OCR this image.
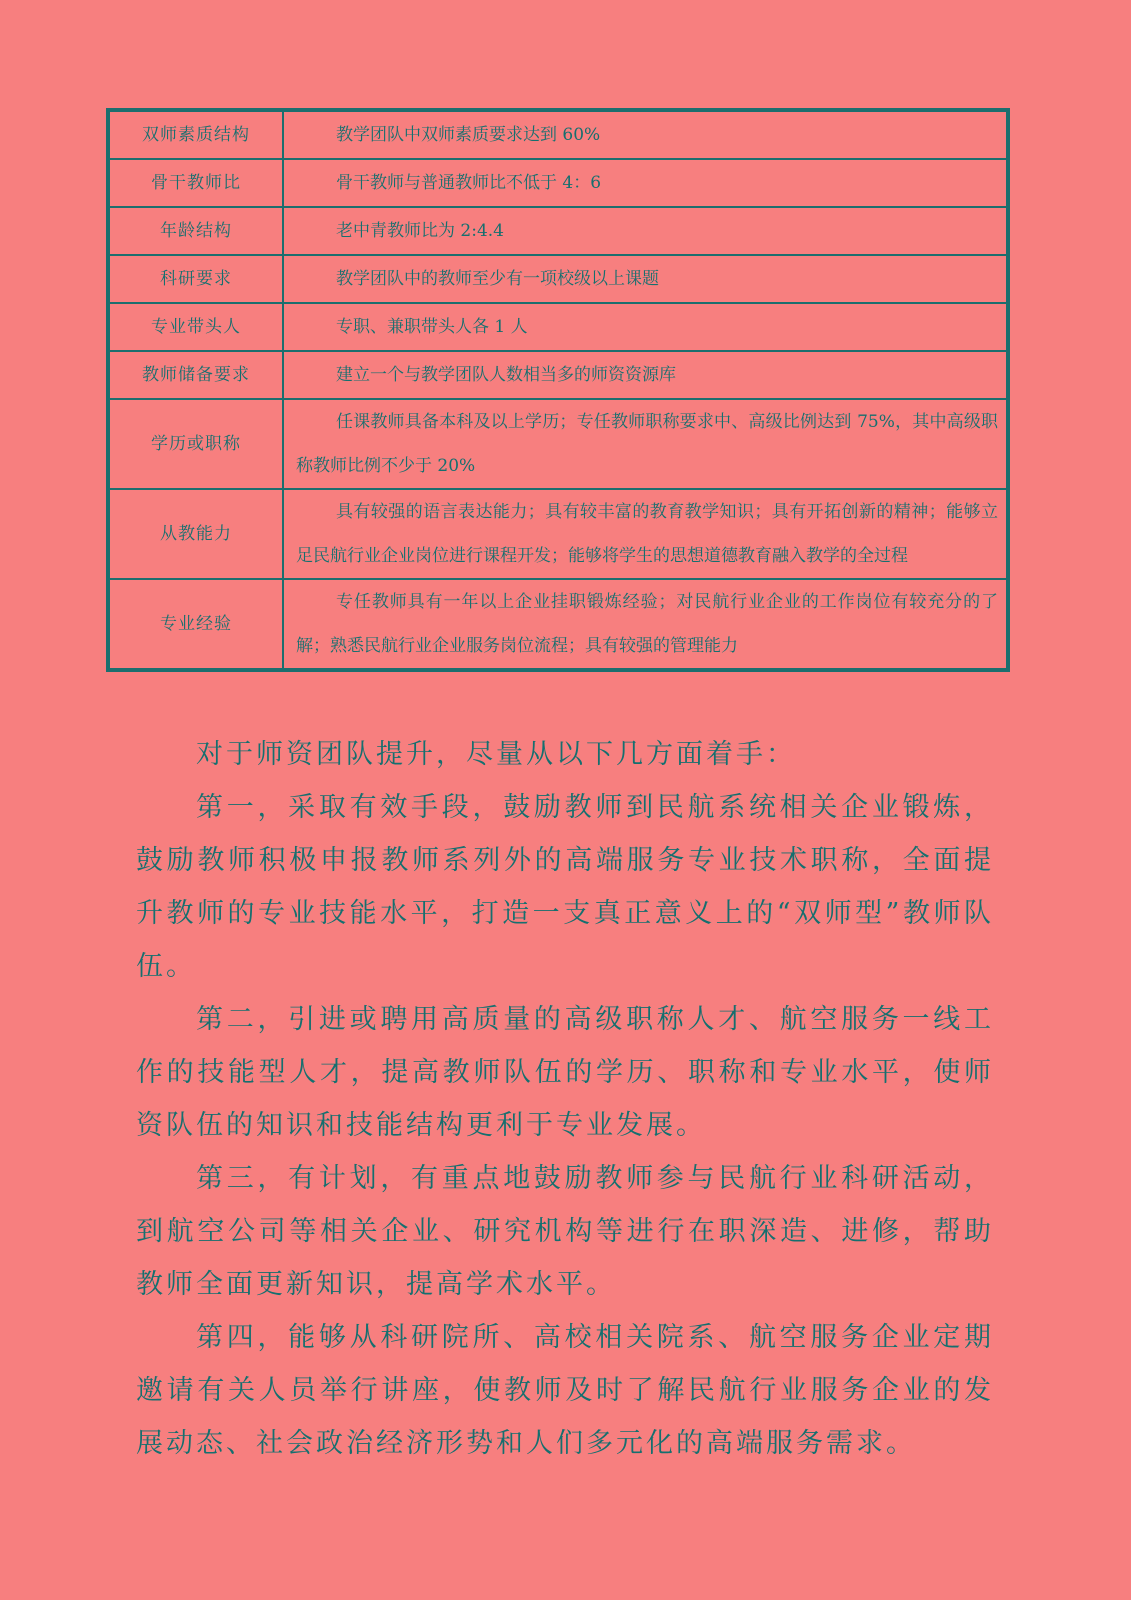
双师素质结构	教学团队中双师素质要求达到 60%

骨干教师比	骨干教师与普通教师比不低于 4：6

年龄结构	老中青教师比为 2:4.4

科研要求	教学团队中的教师至少有一项校级以上课题

专业带头人	专职、兼职带头人各 1 人

教师储备要求	建立一个与教学团队人数相当多的师资资源库

学历或职称	任课教师具备本科及以上学历；专任教师职称要求中、高级比例达到 75%，其中高级职称教师比例不少于 20%

从教能力	具有较强的语言表达能力；具有较丰富的教育教学知识；具有开拓创新的精神；能够立足民航行业企业岗位进行课程开发；能够将学生的思想道德教育融入教学的全过程

专业经验	专任教师具有一年以上企业挂职锻炼经验；对民航行业企业的工作岗位有较充分的了解；熟悉民航行业企业服务岗位流程；具有较强的管理能力

对于师资团队提升，尽量从以下几方面着手：

第一，采取有效手段，鼓励教师到民航系统相关企业锻炼，鼓励教师积极申报教师系列外的高端服务专业技术职称，全面提升教师的专业技能水平，打造一支真正意义上的“双师型”教师队伍。

第二，引进或聘用高质量的高级职称人才、航空服务一线工作的技能型人才，提高教师队伍的学历、职称和专业水平，使师资队伍的知识和技能结构更利于专业发展。

第三，有计划，有重点地鼓励教师参与民航行业科研活动，到航空公司等相关企业、研究机构等进行在职深造、进修，帮助教师全面更新知识，提高学术水平。

第四，能够从科研院所、高校相关院系、航空服务企业定期邀请有关人员举行讲座，使教师及时了解民航行业服务企业的发展动态、社会政治经济形势和人们多元化的高端服务需求。
